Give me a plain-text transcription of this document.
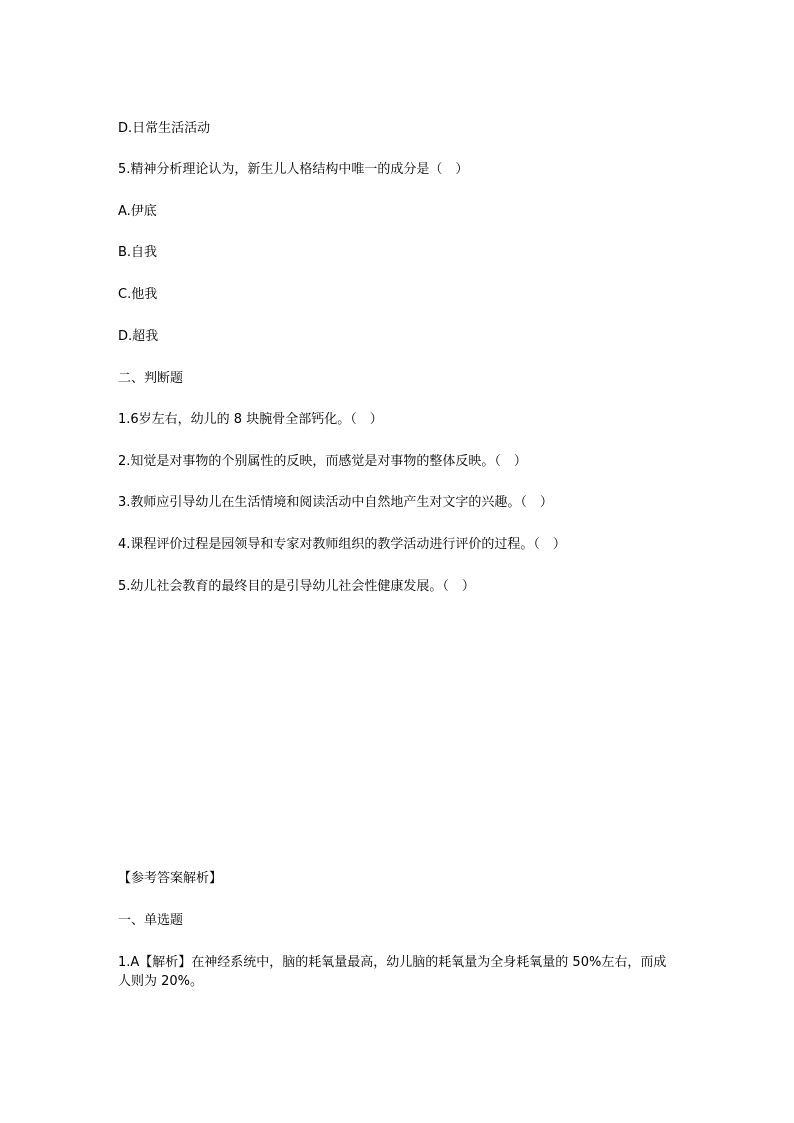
D.日常生活活动
5.精神分析理论认为，新生儿人格结构中唯一的成分是（　）
A.伊底
B.自我
C.他我
D.超我
二、判断题
1.6岁左右，幼儿的 8 块腕骨全部钙化。（　）
2.知觉是对事物的个别属性的反映，而感觉是对事物的整体反映。（　）
3.教师应引导幼儿在生活情境和阅读活动中自然地产生对文字的兴趣。（　）
4.课程评价过程是园领导和专家对教师组织的教学活动进行评价的过程。（　）
5.幼儿社会教育的最终目的是引导幼儿社会性健康发展。（　）
【参考答案解析】
一、单选题
1.A【解析】在神经系统中，脑的耗氧量最高，幼儿脑的耗氧量为全身耗氧量的 50%左右，而成人则为 20%。
